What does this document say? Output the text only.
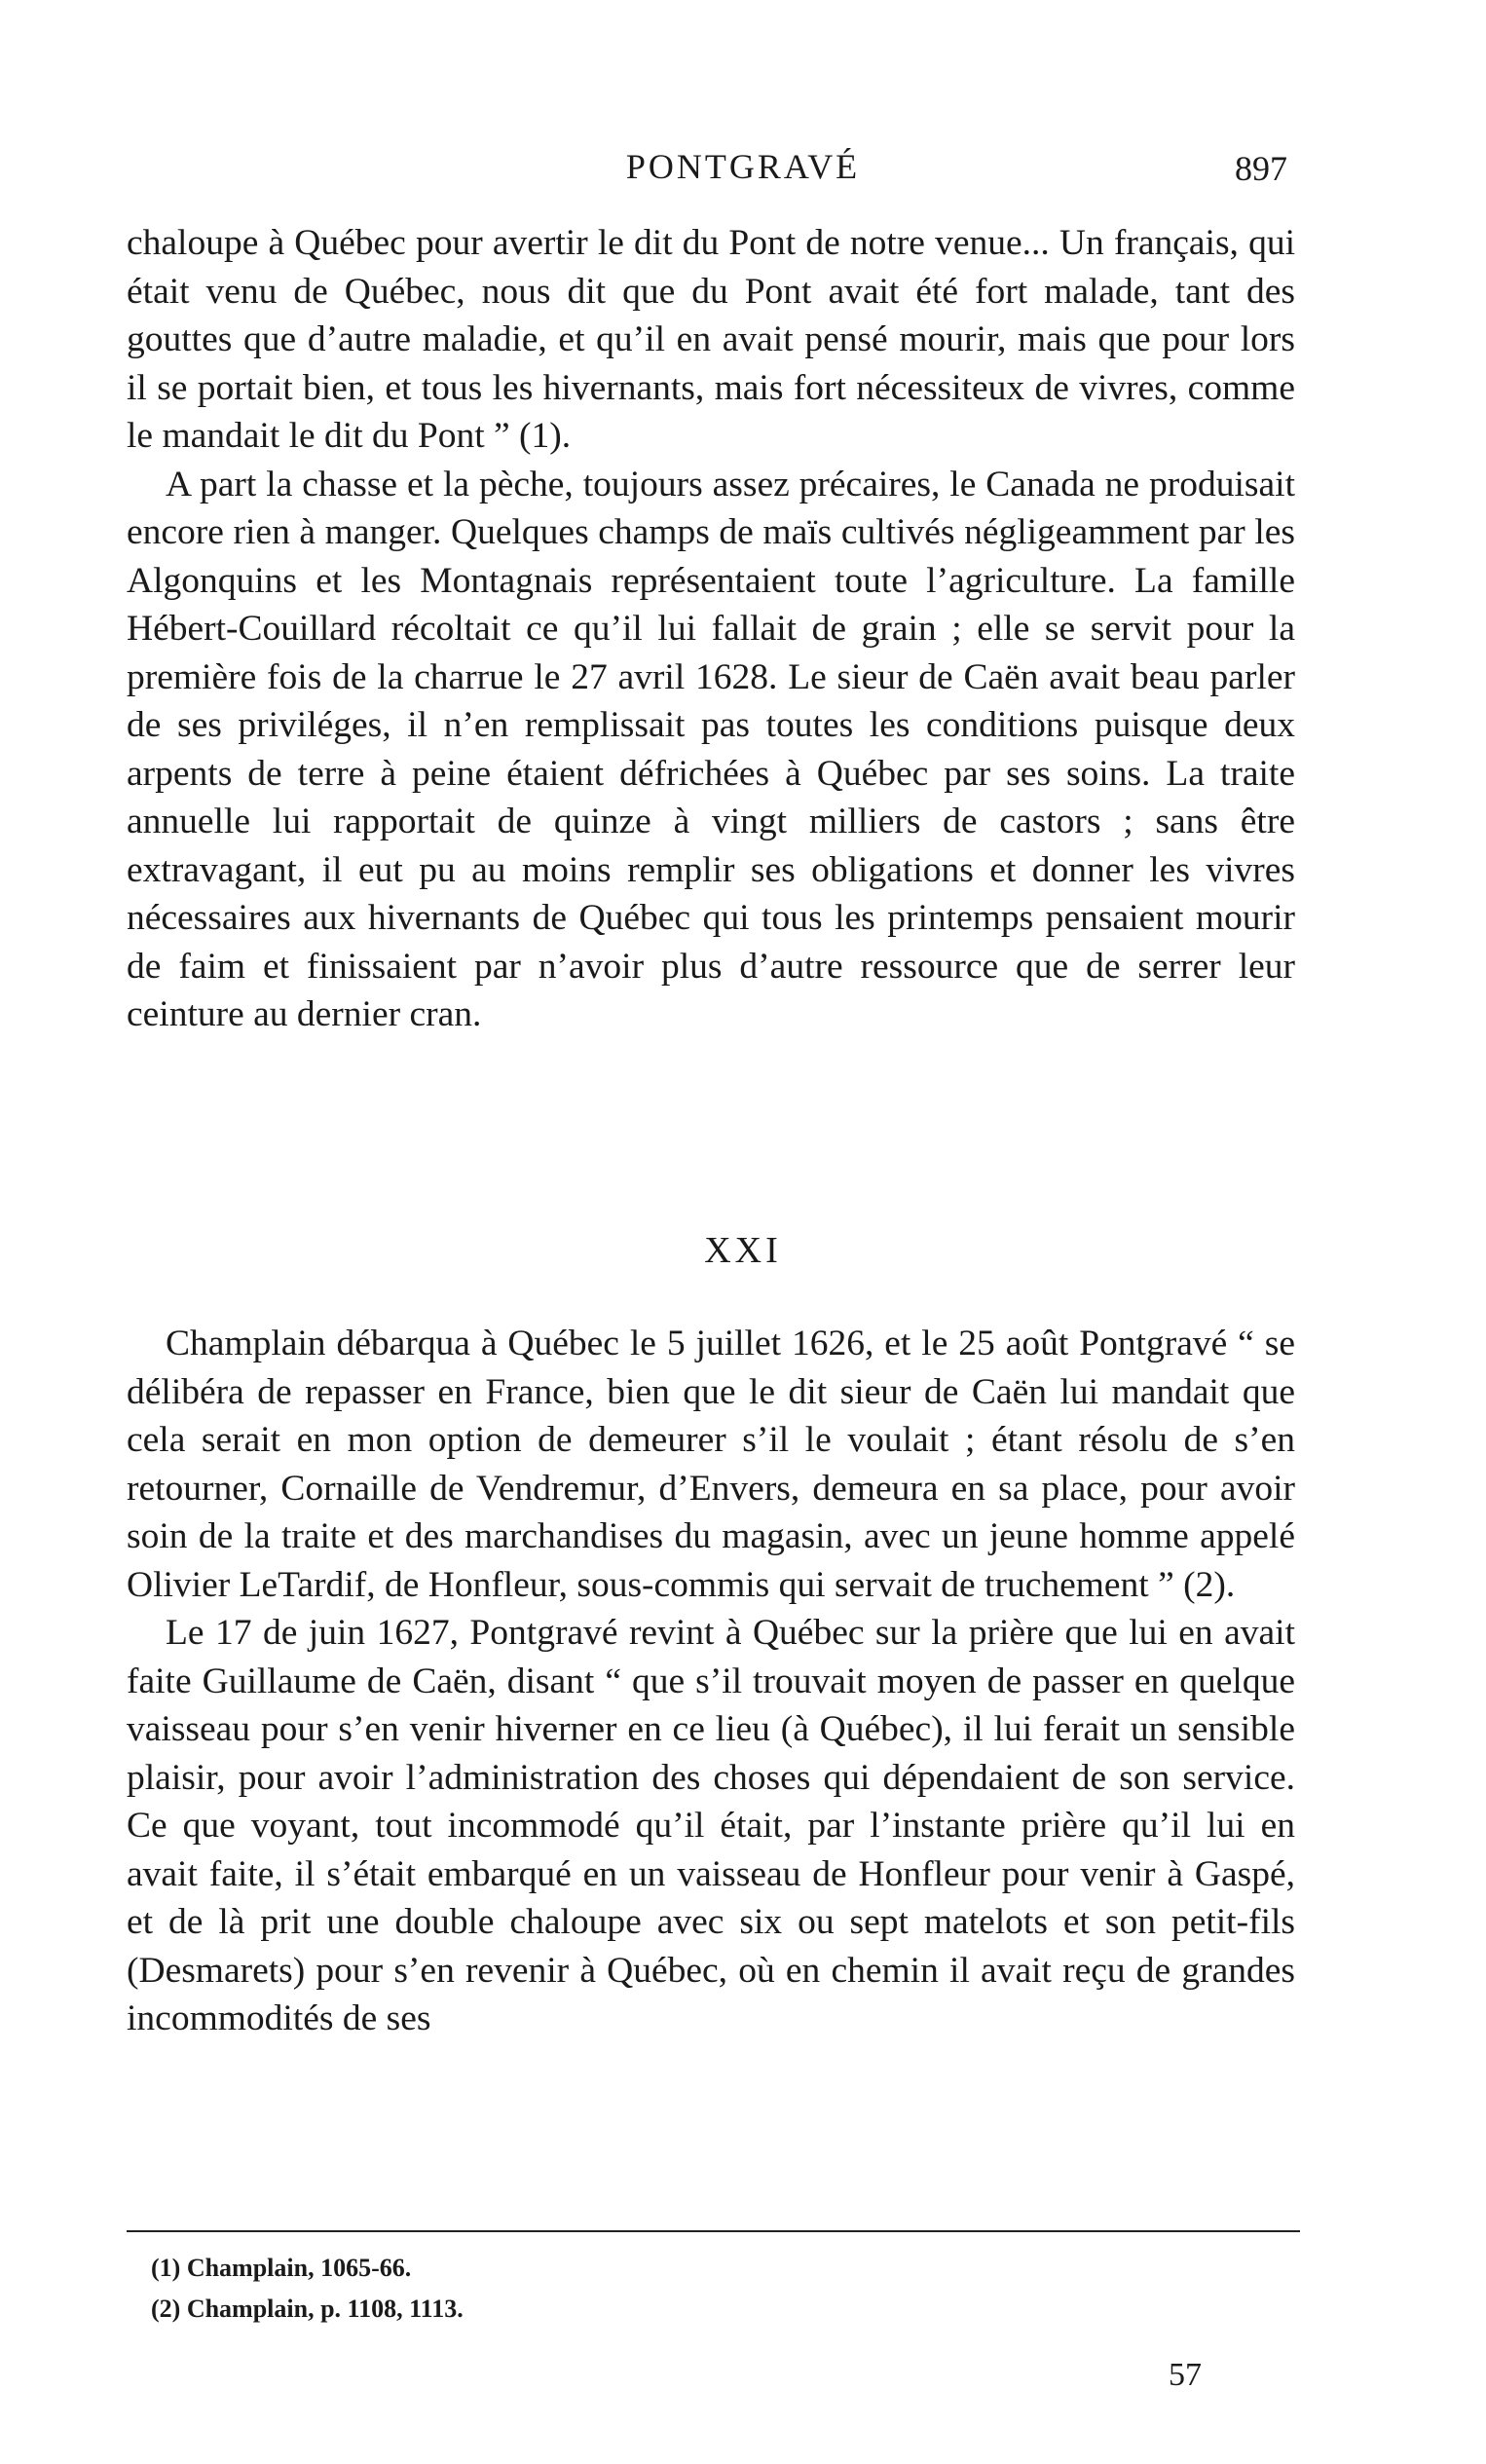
PONTGRAVÉ	897

chaloupe à Québec pour avertir le dit du Pont de notre venue... Un français, qui était venu de Québec, nous dit que du Pont avait été fort malade, tant des gouttes que d’autre maladie, et qu’il en avait pensé mourir, mais que pour lors il se portait bien, et tous les hivernants, mais fort nécessiteux de vivres, comme le mandait le dit du Pont ” (1).

A part la chasse et la pèche, toujours assez précaires, le Canada ne produisait encore rien à manger. Quelques champs de maïs cultivés négligeamment par les Algonquins et les Montagnais représentaient toute l’agriculture. La famille Hébert-Couillard récoltait ce qu’il lui fallait de grain ; elle se servit pour la première fois de la charrue le 27 avril 1628. Le sieur de Caën avait beau parler de ses priviléges, il n’en remplissait pas toutes les conditions puisque deux arpents de terre à peine étaient défrichées à Québec par ses soins. La traite annuelle lui rapportait de quinze à vingt milliers de castors ; sans être extravagant, il eut pu au moins remplir ses obligations et donner les vivres nécessaires aux hivernants de Québec qui tous les printemps pensaient mourir de faim et finissaient par n’avoir plus d’autre ressource que de serrer leur ceinture au dernier cran.

XXI

Champlain débarqua à Québec le 5 juillet 1626, et le 25 août Pontgravé “ se délibéra de repasser en France, bien que le dit sieur de Caën lui mandait que cela serait en mon option de demeurer s’il le voulait ; étant résolu de s’en retourner, Cornaille de Vendremur, d’Envers, demeura en sa place, pour avoir soin de la traite et des marchandises du magasin, avec un jeune homme appelé Olivier LeTardif, de Honfleur, sous-commis qui servait de truchement ” (2).

Le 17 de juin 1627, Pontgravé revint à Québec sur la prière que lui en avait faite Guillaume de Caën, disant “ que s’il trouvait moyen de passer en quelque vaisseau pour s’en venir hiverner en ce lieu (à Québec), il lui ferait un sensible plaisir, pour avoir l’administration des choses qui dépendaient de son service. Ce que voyant, tout incommodé qu’il était, par l’instante prière qu’il lui en avait faite, il s’était embarqué en un vaisseau de Honfleur pour venir à Gaspé, et de là prit une double chaloupe avec six ou sept matelots et son petit-fils (Desmarets) pour s’en revenir à Québec, où en chemin il avait reçu de grandes incommodités de ses

(1) Champlain, 1065-66.
(2) Champlain, p. 1108, 1113.
57
